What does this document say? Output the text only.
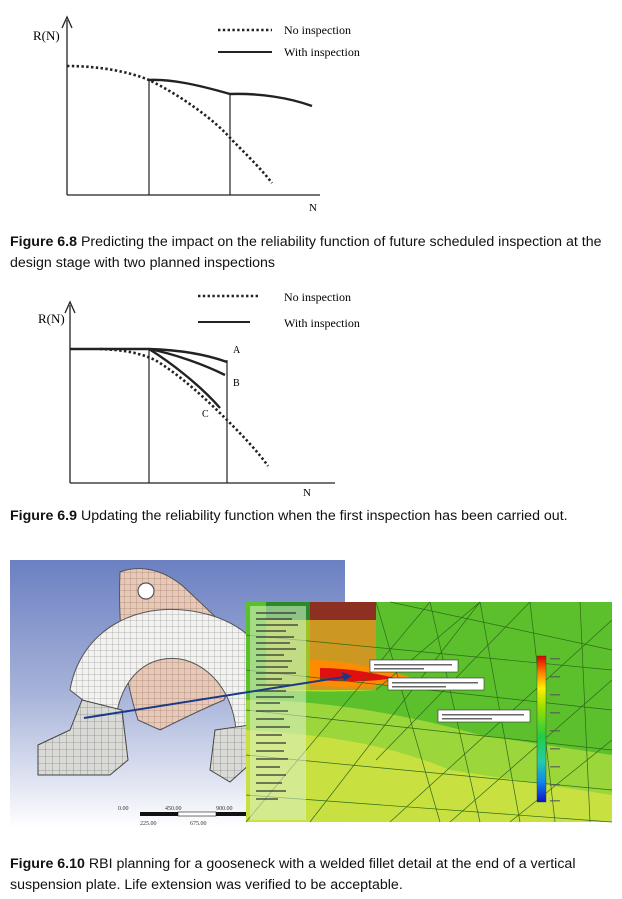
No inspection
With inspection
R(N)
N
Figure 6.8 Predicting the impact on the reliability function of future scheduled inspection at the design stage with two planned inspections
A
B
C
No inspection
With inspection
R(N)
N
Figure 6.9 Updating the reliability function when the first inspection has been carried out.
0.00	450.00	900.00
225.00	675.00
Figure 6.10 RBI planning for a gooseneck with a welded fillet detail at the end of a vertical suspension plate. Life extension was verified to be acceptable.
